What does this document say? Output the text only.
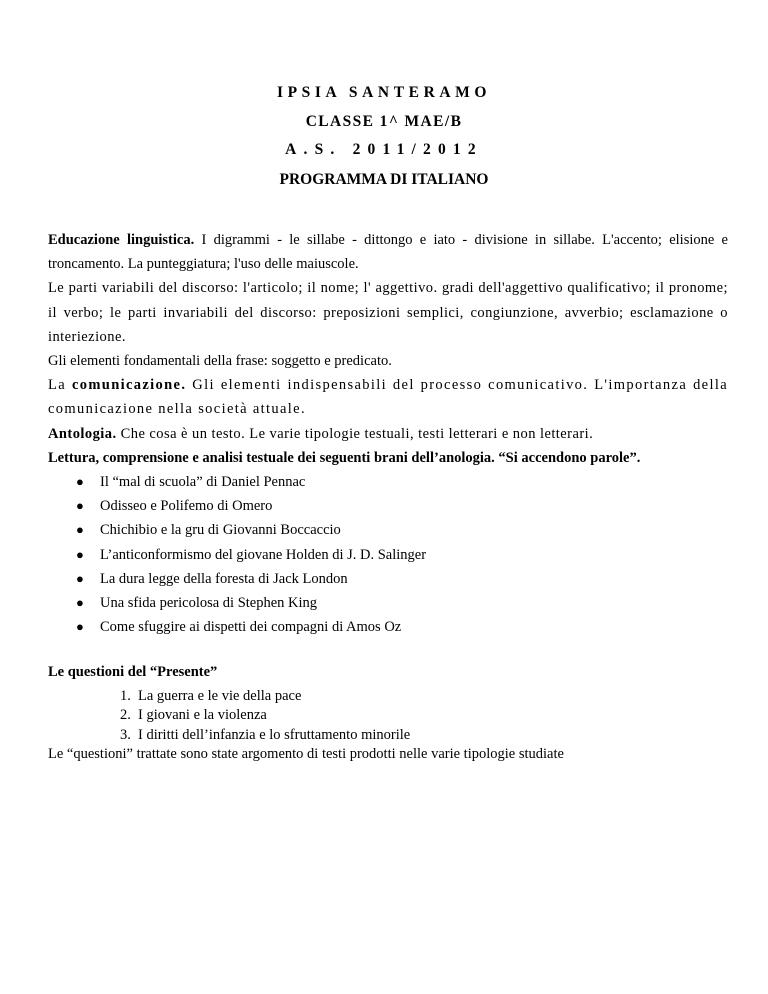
IPSIA SANTERAMO
CLASSE 1^ MAE/B
A.S. 2011/2012
PROGRAMMA DI ITALIANO

Educazione linguistica. I digrammi - le sillabe - dittongo e iato - divisione in sillabe. L'accento; elisione e troncamento. La punteggiatura; l'uso delle maiuscole.

Le parti variabili del discorso: l'articolo; il nome; l' aggettivo. gradi dell'aggettivo qualificativo; il pronome; il verbo; le parti invariabili del discorso: preposizioni semplici, congiunzione, avverbio; esclamazione o interiezione.

Gli elementi fondamentali della frase: soggetto e predicato.

La comunicazione. Gli elementi indispensabili del processo comunicativo. L'importanza della comunicazione nella società attuale.

Antologia. Che cosa è un testo. Le varie tipologie testuali, testi letterari e non letterari.

Lettura, comprensione e analisi testuale dei seguenti brani dell’anologia. “Si accendono parole”.

● Il “mal di scuola” di Daniel Pennac
● Odisseo e Polifemo di Omero
● Chichibio e la gru di Giovanni Boccaccio
● L’anticonformismo del giovane Holden di J. D. Salinger
● La dura legge della foresta di Jack London
● Una sfida pericolosa di Stephen King
● Come sfuggire ai dispetti dei compagni di Amos Oz

Le questioni del “Presente”

1. La guerra e le vie della pace
2. I giovani e la violenza
3. I diritti dell’infanzia e lo sfruttamento minorile

Le “questioni” trattate sono state argomento di testi prodotti nelle varie tipologie studiate
